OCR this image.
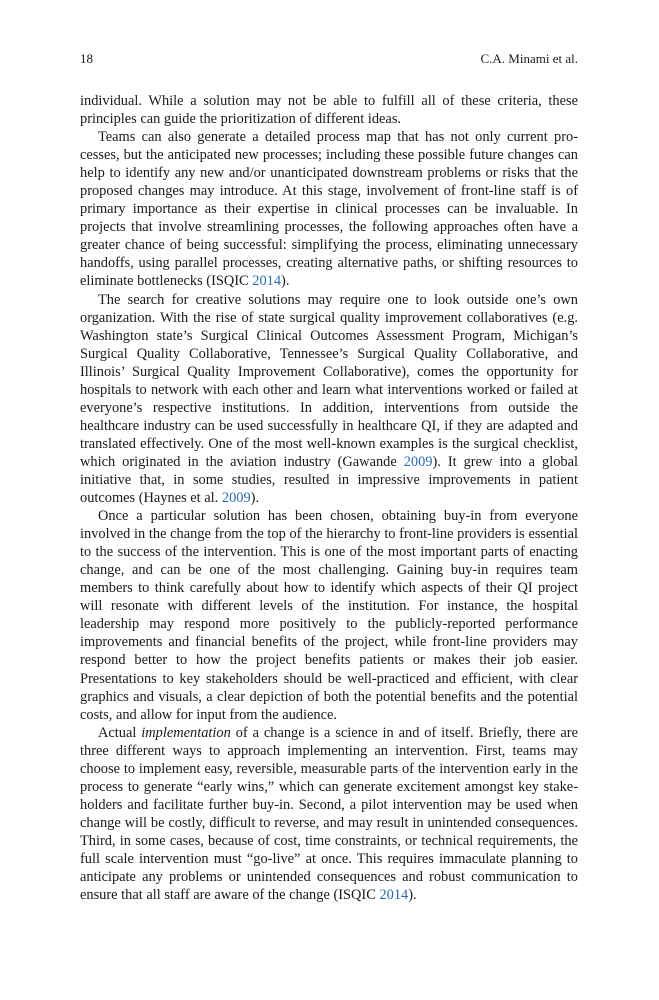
18	C.A. Minami et al.

individual. While a solution may not be able to fulfill all of these criteria, these principles can guide the prioritization of different ideas.

Teams can also generate a detailed process map that has not only current processes, but the anticipated new processes; including these possible future changes can help to identify any new and/or unanticipated downstream problems or risks that the proposed changes may introduce. At this stage, involvement of front-line staff is of primary importance as their expertise in clinical processes can be invaluable. In projects that involve streamlining processes, the following approaches often have a greater chance of being successful: simplifying the process, eliminating unnecessary handoffs, using parallel processes, creating alternative paths, or shifting resources to eliminate bottlenecks (ISQIC 2014).

The search for creative solutions may require one to look outside one’s own organization. With the rise of state surgical quality improvement collaboratives (e.g. Washington state’s Surgical Clinical Outcomes Assessment Program, Michigan’s Surgical Quality Collaborative, Tennessee’s Surgical Quality Collaborative, and Illinois’ Surgical Quality Improvement Collaborative), comes the opportunity for hospitals to network with each other and learn what interventions worked or failed at everyone’s respective institutions. In addition, interventions from outside the healthcare industry can be used successfully in healthcare QI, if they are adapted and translated effectively. One of the most well-known examples is the surgical checklist, which originated in the aviation industry (Gawande 2009). It grew into a global initiative that, in some studies, resulted in impressive improvements in patient outcomes (Haynes et al. 2009).

Once a particular solution has been chosen, obtaining buy-in from everyone involved in the change from the top of the hierarchy to front-line providers is essential to the success of the intervention. This is one of the most important parts of enacting change, and can be one of the most challenging. Gaining buy-in requires team members to think carefully about how to identify which aspects of their QI project will resonate with different levels of the institution. For instance, the hospital leadership may respond more positively to the publicly-reported performance improvements and financial benefits of the project, while front-line providers may respond better to how the project benefits patients or makes their job easier. Presentations to key stakeholders should be well-practiced and efficient, with clear graphics and visuals, a clear depiction of both the potential benefits and the potential costs, and allow for input from the audience.

Actual implementation of a change is a science in and of itself. Briefly, there are three different ways to approach implementing an intervention. First, teams may choose to implement easy, reversible, measurable parts of the intervention early in the process to generate “early wins,” which can generate excitement amongst key stakeholders and facilitate further buy-in. Second, a pilot intervention may be used when change will be costly, difficult to reverse, and may result in unintended consequences. Third, in some cases, because of cost, time constraints, or technical requirements, the full scale intervention must “go-live” at once. This requires immaculate planning to anticipate any problems or unintended consequences and robust communication to ensure that all staff are aware of the change (ISQIC 2014).
